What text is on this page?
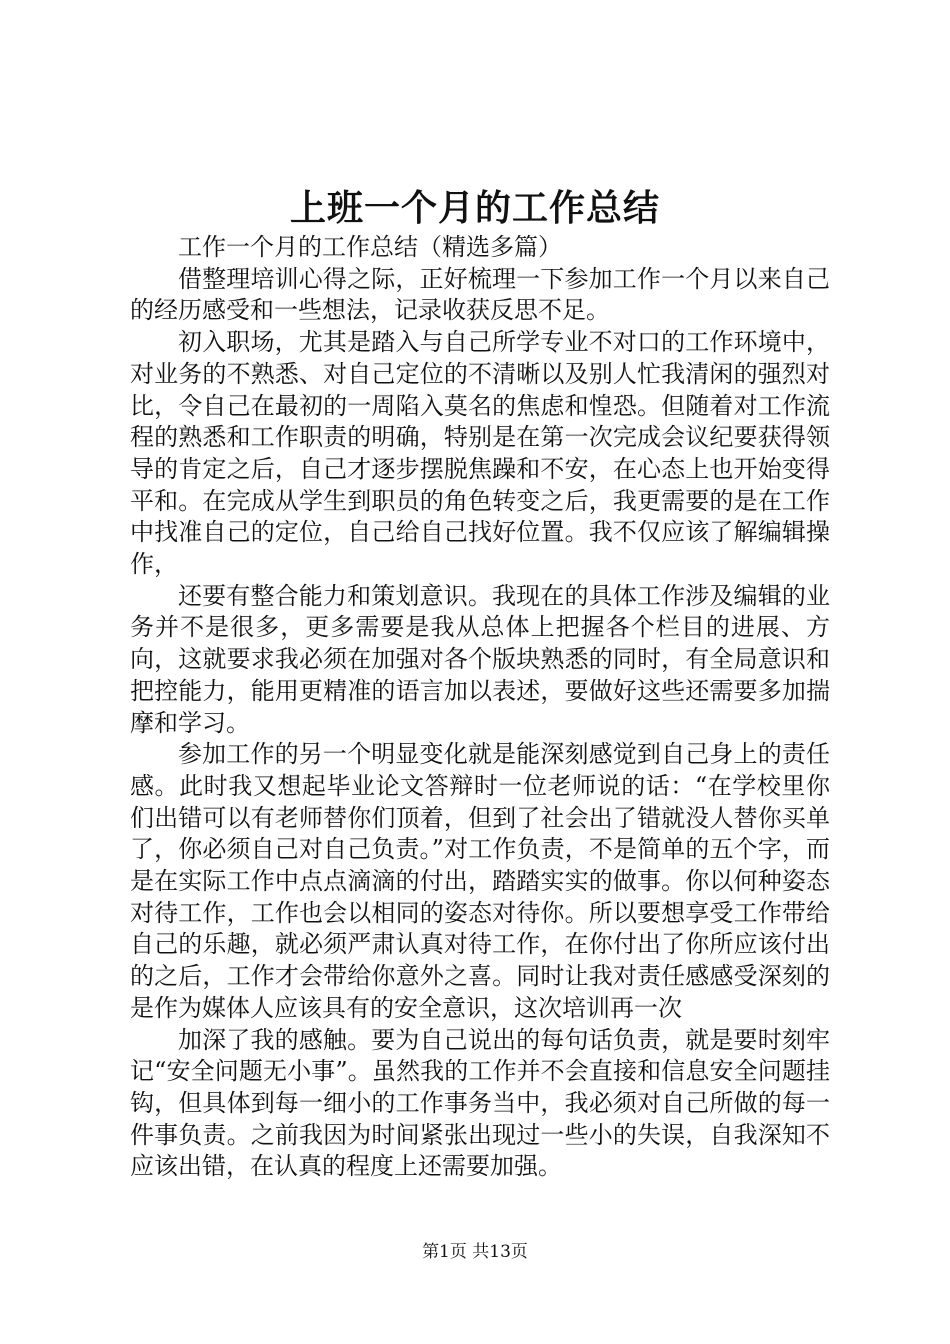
上班一个月的工作总结

工作一个月的工作总结（精选多篇）

借整理培训心得之际，正好梳理一下参加工作一个月以来自己的经历感受和一些想法，记录收获反思不足。

初入职场，尤其是踏入与自己所学专业不对口的工作环境中，对业务的不熟悉、对自己定位的不清晰以及别人忙我清闲的强烈对比，令自己在最初的一周陷入莫名的焦虑和惶恐。但随着对工作流程的熟悉和工作职责的明确，特别是在第一次完成会议纪要获得领导的肯定之后，自己才逐步摆脱焦躁和不安，在心态上也开始变得平和。在完成从学生到职员的角色转变之后，我更需要的是在工作中找准自己的定位，自己给自己找好位置。我不仅应该了解编辑操作，

还要有整合能力和策划意识。我现在的具体工作涉及编辑的业务并不是很多，更多需要是我从总体上把握各个栏目的进展、方向，这就要求我必须在加强对各个版块熟悉的同时，有全局意识和把控能力，能用更精准的语言加以表述，要做好这些还需要多加揣摩和学习。

参加工作的另一个明显变化就是能深刻感觉到自己身上的责任感。此时我又想起毕业论文答辩时一位老师说的话：“在学校里你们出错可以有老师替你们顶着，但到了社会出了错就没人替你买单了，你必须自己对自己负责。”对工作负责，不是简单的五个字，而是在实际工作中点点滴滴的付出，踏踏实实的做事。你以何种姿态对待工作，工作也会以相同的姿态对待你。所以要想享受工作带给自己的乐趣，就必须严肃认真对待工作，在你付出了你所应该付出的之后，工作才会带给你意外之喜。同时让我对责任感感受深刻的是作为媒体人应该具有的安全意识，这次培训再一次

加深了我的感触。要为自己说出的每句话负责，就是要时刻牢记“安全问题无小事”。虽然我的工作并不会直接和信息安全问题挂钩，但具体到每一细小的工作事务当中，我必须对自己所做的每一件事负责。之前我因为时间紧张出现过一些小的失误，自我深知不应该出错，在认真的程度上还需要加强。

第1页 共13页
